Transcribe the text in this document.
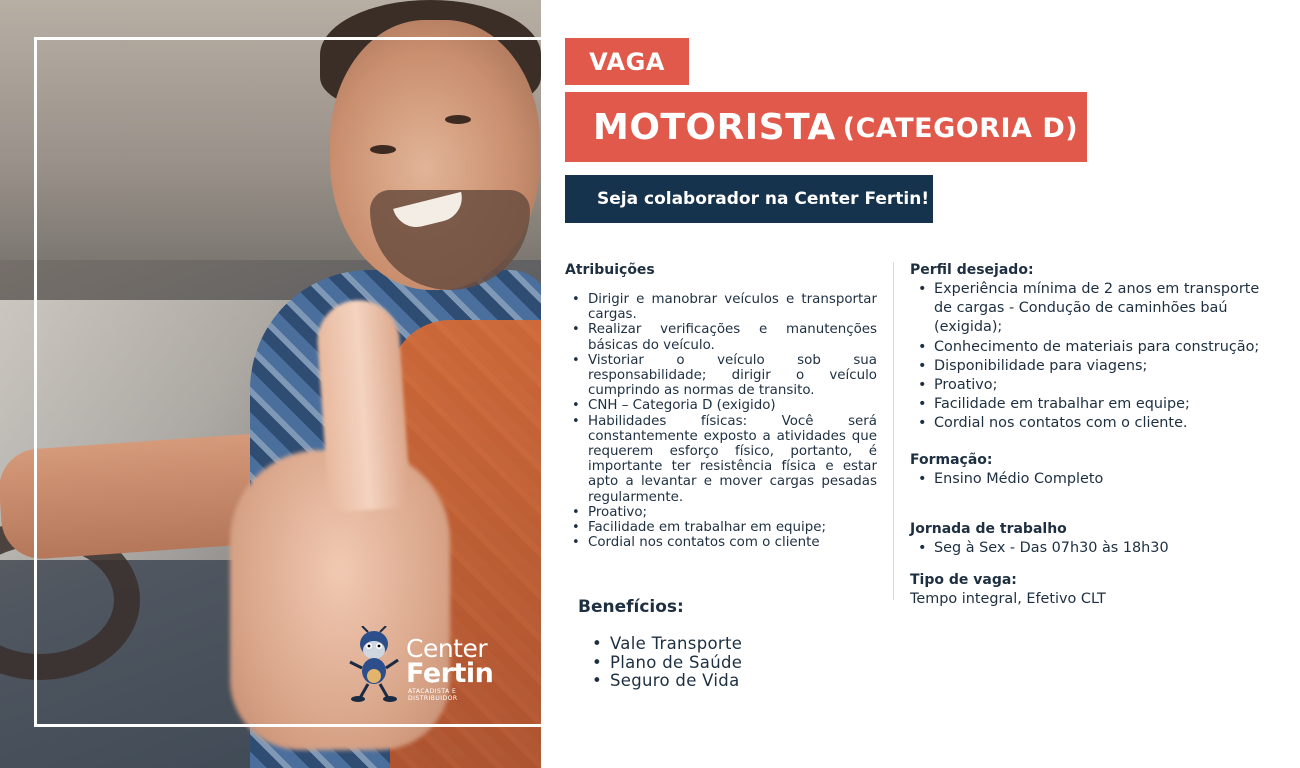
Center
Fertin
ATACADISTA E DISTRIBUIDOR
VAGA
MOTORISTA (CATEGORIA D)
Seja colaborador na Center Fertin!
Atribuições
• Dirigir e manobrar veículos e transportar cargas.
• Realizar verificações e manutenções básicas do veículo.
• Vistoriar o veículo sob sua responsabilidade; dirigir o veículo cumprindo as normas de transito.
• CNH – Categoria D (exigido)
• Habilidades físicas: Você será constantemente exposto a atividades que requerem esforço físico, portanto, é importante ter resistência física e estar apto a levantar e mover cargas pesadas regularmente.
• Proativo;
• Facilidade em trabalhar em equipe;
• Cordial nos contatos com o cliente
Perfil desejado:
• Experiência mínima de 2 anos em transporte de cargas - Condução de caminhões baú (exigida);
• Conhecimento de materiais para construção;
• Disponibilidade para viagens;
• Proativo;
• Facilidade em trabalhar em equipe;
• Cordial nos contatos com o cliente.
Formação:
• Ensino Médio Completo
Jornada de trabalho
• Seg à Sex - Das 07h30 às 18h30
Tipo de vaga:

Tempo integral, Efetivo CLT

Benefícios:
• Vale Transporte
• Plano de Saúde
• Seguro de Vida
